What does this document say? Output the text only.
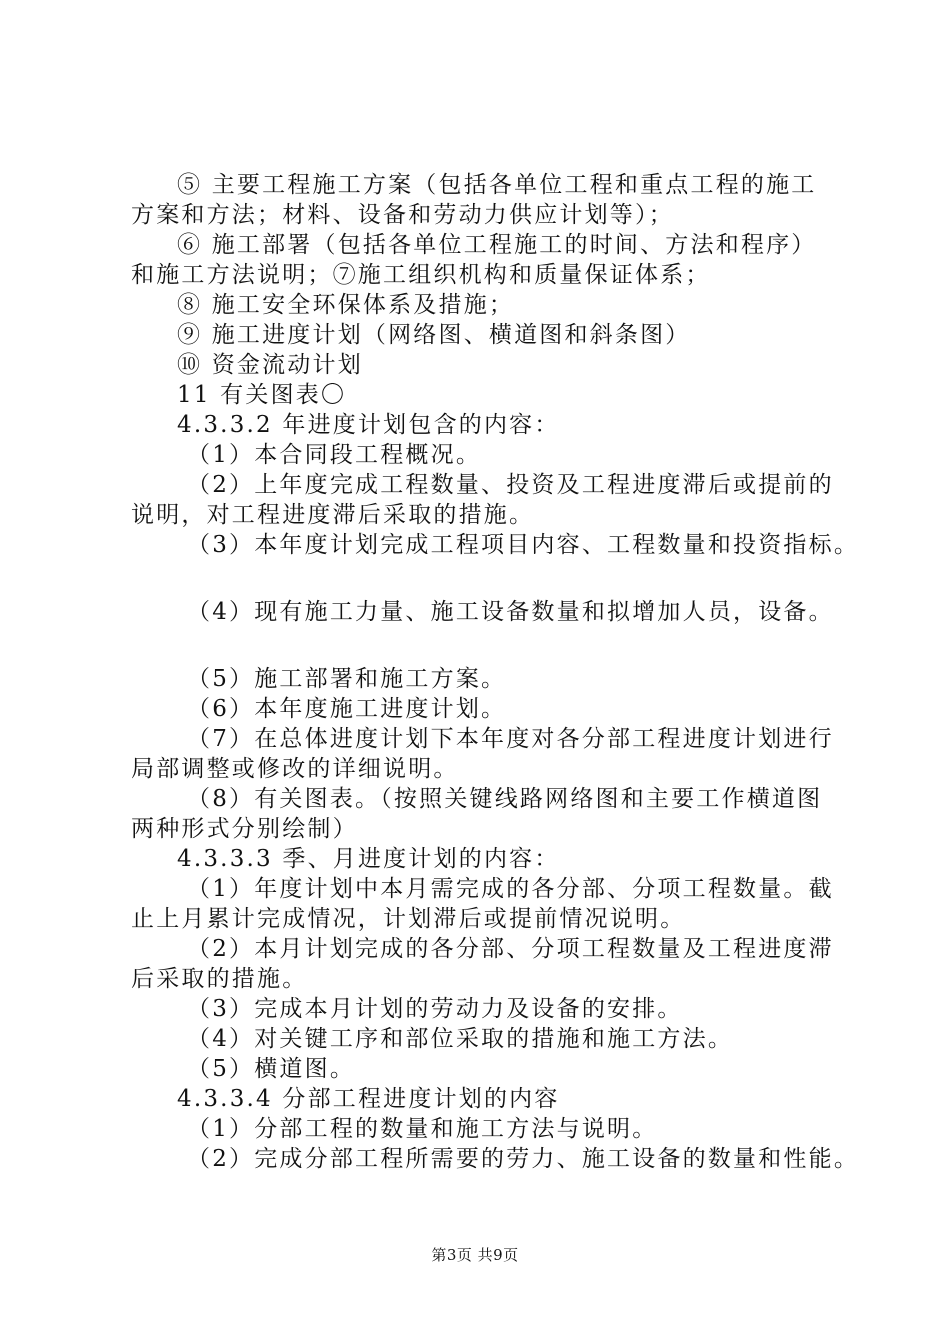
⑤ 主要工程施工方案（包括各单位工程和重点工程的施工
方案和方法；材料、设备和劳动力供应计划等）；
⑥ 施工部署（包括各单位工程施工的时间、方法和程序）
和施工方法说明；⑦施工组织机构和质量保证体系；
⑧ 施工安全环保体系及措施；
⑨ 施工进度计划（网络图、横道图和斜条图）
⑩ 资金流动计划
11 有关图表〇
4.3.3.2 年进度计划包含的内容：
（1）本合同段工程概况。
（2）上年度完成工程数量、投资及工程进度滞后或提前的
说明，对工程进度滞后采取的措施。
（3）本年度计划完成工程项目内容、工程数量和投资指标。
（4）现有施工力量、施工设备数量和拟增加人员，设备。
（5）施工部署和施工方案。
（6）本年度施工进度计划。
（7）在总体进度计划下本年度对各分部工程进度计划进行
局部调整或修改的详细说明。
（8）有关图表。（按照关键线路网络图和主要工作横道图
两种形式分别绘制）
4.3.3.3 季、月进度计划的内容：
（1）年度计划中本月需完成的各分部、分项工程数量。截
止上月累计完成情况，计划滞后或提前情况说明。
（2）本月计划完成的各分部、分项工程数量及工程进度滞
后采取的措施。
（3）完成本月计划的劳动力及设备的安排。
（4）对关键工序和部位采取的措施和施工方法。
（5）横道图。
4.3.3.4 分部工程进度计划的内容
（1）分部工程的数量和施工方法与说明。
（2）完成分部工程所需要的劳力、施工设备的数量和性能。
第3页 共9页
